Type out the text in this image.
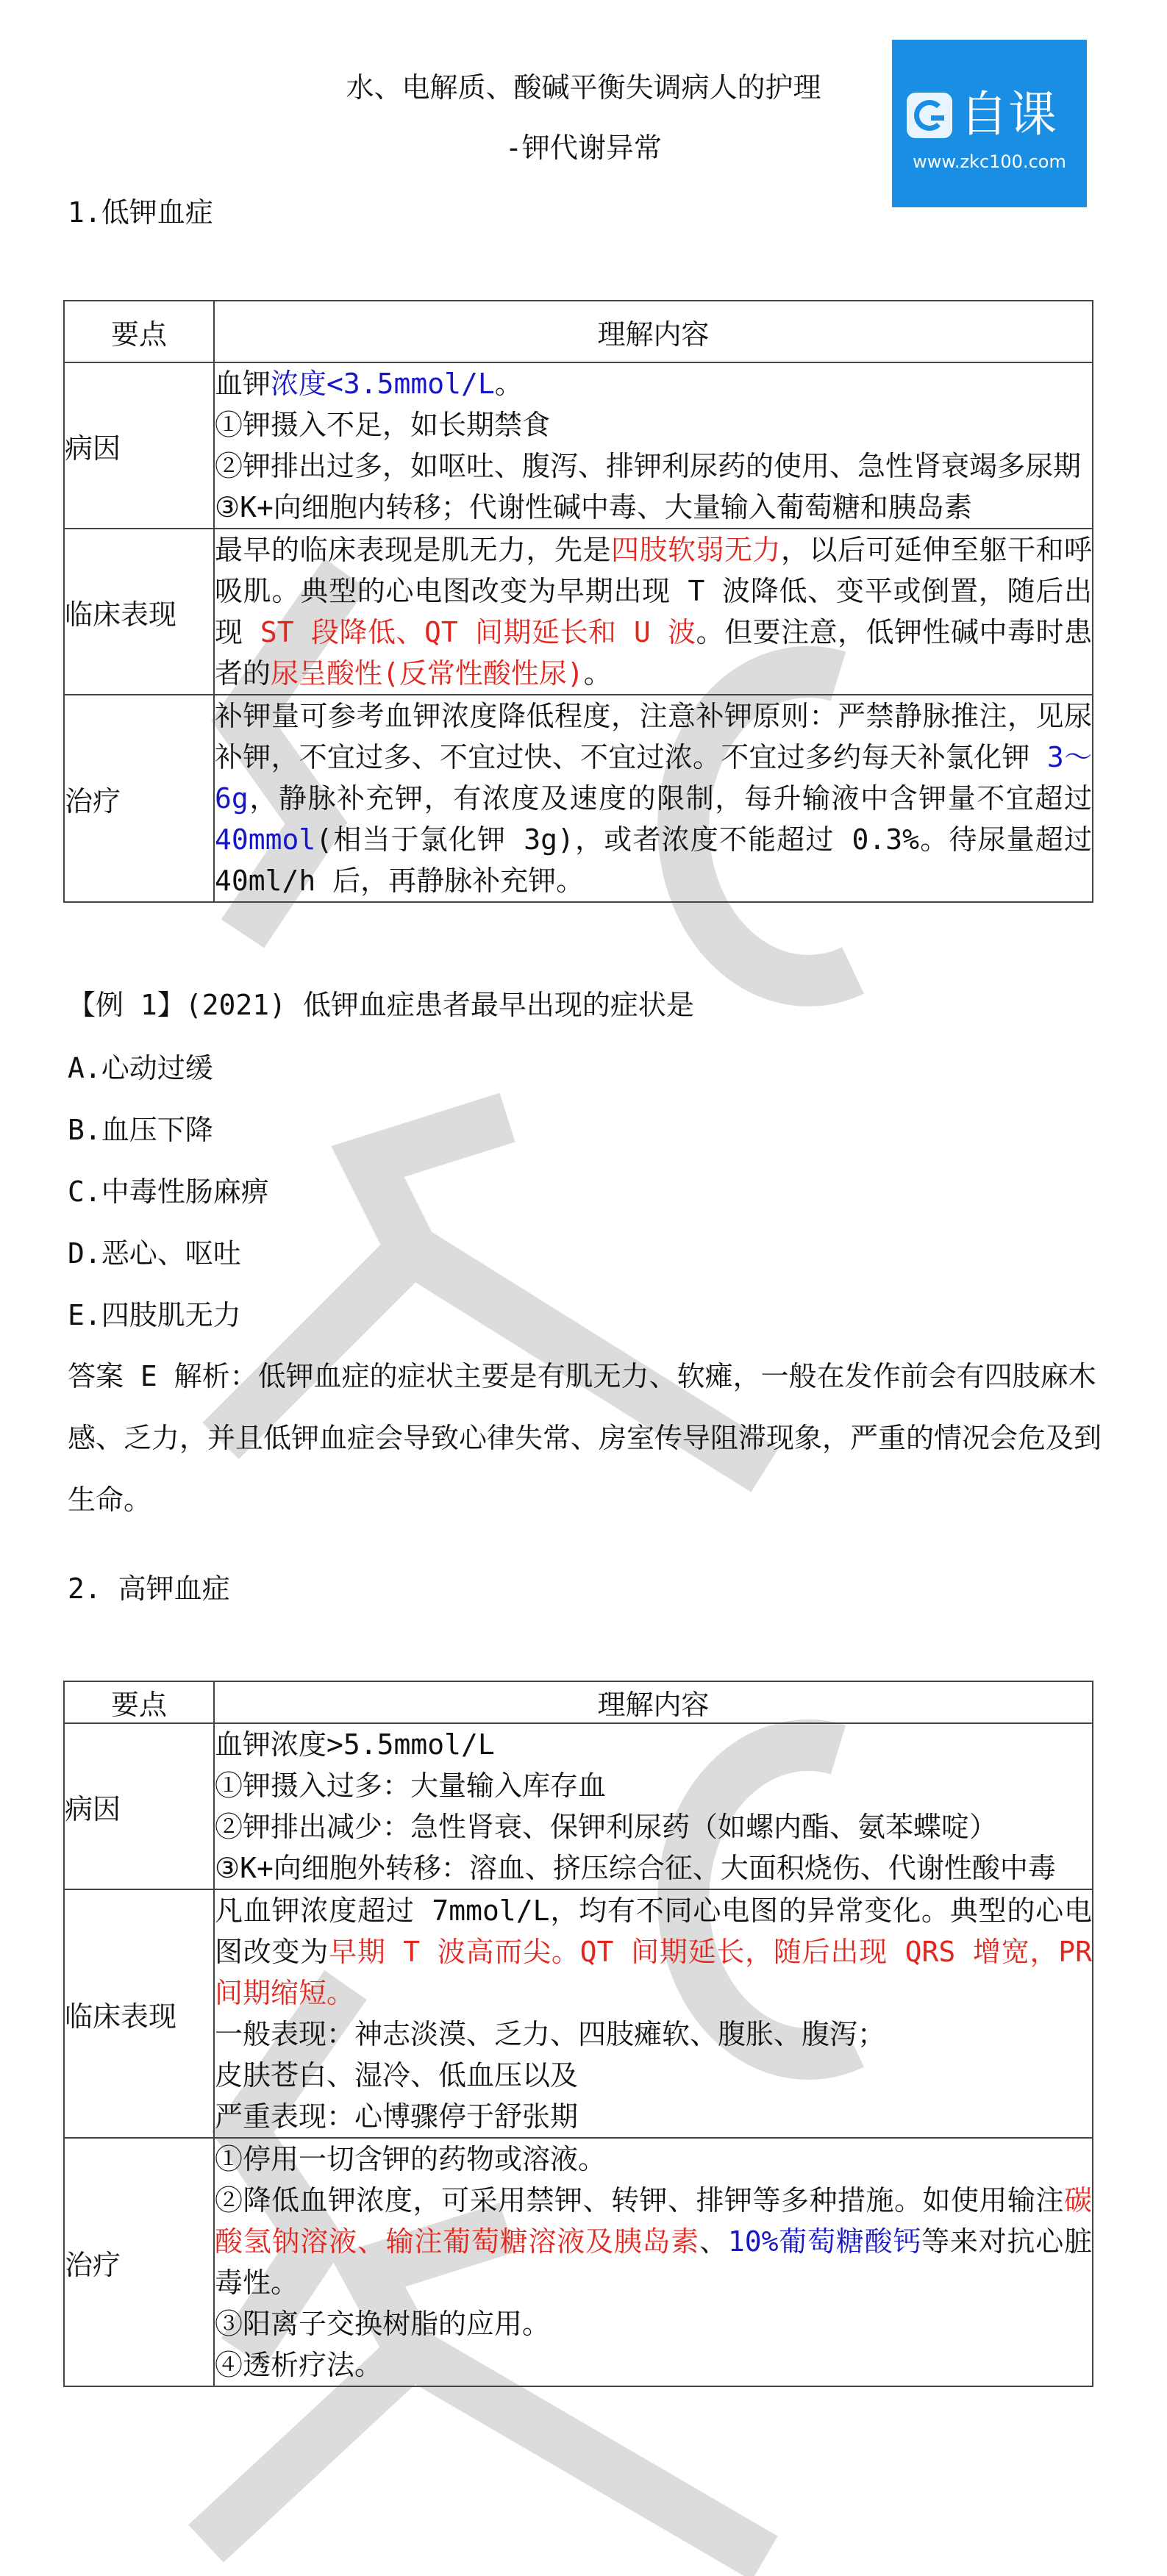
水、电解质、酸碱平衡失调病人的护理
-钾代谢异常
自课
www.zkc100.com
1.低钾血症
要点	理解内容
病因	血钾浓度<3.5mmol/L。
①钾摄入不足，如长期禁食
②钾排出过多，如呕吐、腹泻、排钾利尿药的使用、急性肾衰竭多尿期
③K+向细胞内转移；代谢性碱中毒、大量输入葡萄糖和胰岛素

临床表现	最早的临床表现是肌无力，先是四肢软弱无力，以后可延伸至躯干和呼吸肌。典型的心电图改变为早期出现 T 波降低、变平或倒置，随后出现 ST 段降低、QT 间期延长和 U 波。但要注意，低钾性碱中毒时患者的尿呈酸性(反常性酸性尿)。

治疗	补钾量可参考血钾浓度降低程度，注意补钾原则：严禁静脉推注，见尿补钾，不宜过多、不宜过快、不宜过浓。不宜过多约每天补氯化钾 3～6g，静脉补充钾，有浓度及速度的限制，每升输液中含钾量不宜超过 40mmol(相当于氯化钾 3g)，或者浓度不能超过 0.3%。待尿量超过 40ml/h 后，再静脉补充钾。
【例 1】(2021) 低钾血症患者最早出现的症状是
A.心动过缓
B.血压下降
C.中毒性肠麻痹
D.恶心、呕吐
E.四肢肌无力

答案 E 解析：低钾血症的症状主要是有肌无力、软瘫，一般在发作前会有四肢麻木感、乏力，并且低钾血症会导致心律失常、房室传导阻滞现象，严重的情况会危及到生命。

2. 高钾血症
要点	理解内容
病因	血钾浓度>5.5mmol/L
①钾摄入过多：大量输入库存血
②钾排出减少：急性肾衰、保钾利尿药（如螺内酯、氨苯蝶啶）
③K+向细胞外转移：溶血、挤压综合征、大面积烧伤、代谢性酸中毒

临床表现	凡血钾浓度超过 7mmol/L，均有不同心电图的异常变化。典型的心电图改变为早期 T 波高而尖。QT 间期延长，随后出现 QRS 增宽，PR 间期缩短。
一般表现：神志淡漠、乏力、四肢瘫软、腹胀、腹泻；
皮肤苍白、湿冷、低血压以及
严重表现：心博骤停于舒张期

治疗	①停用一切含钾的药物或溶液。
②降低血钾浓度，可采用禁钾、转钾、排钾等多种措施。如使用输注碳酸氢钠溶液、输注葡萄糖溶液及胰岛素、10%葡萄糖酸钙等来对抗心脏毒性。
③阳离子交换树脂的应用。
④透析疗法。
